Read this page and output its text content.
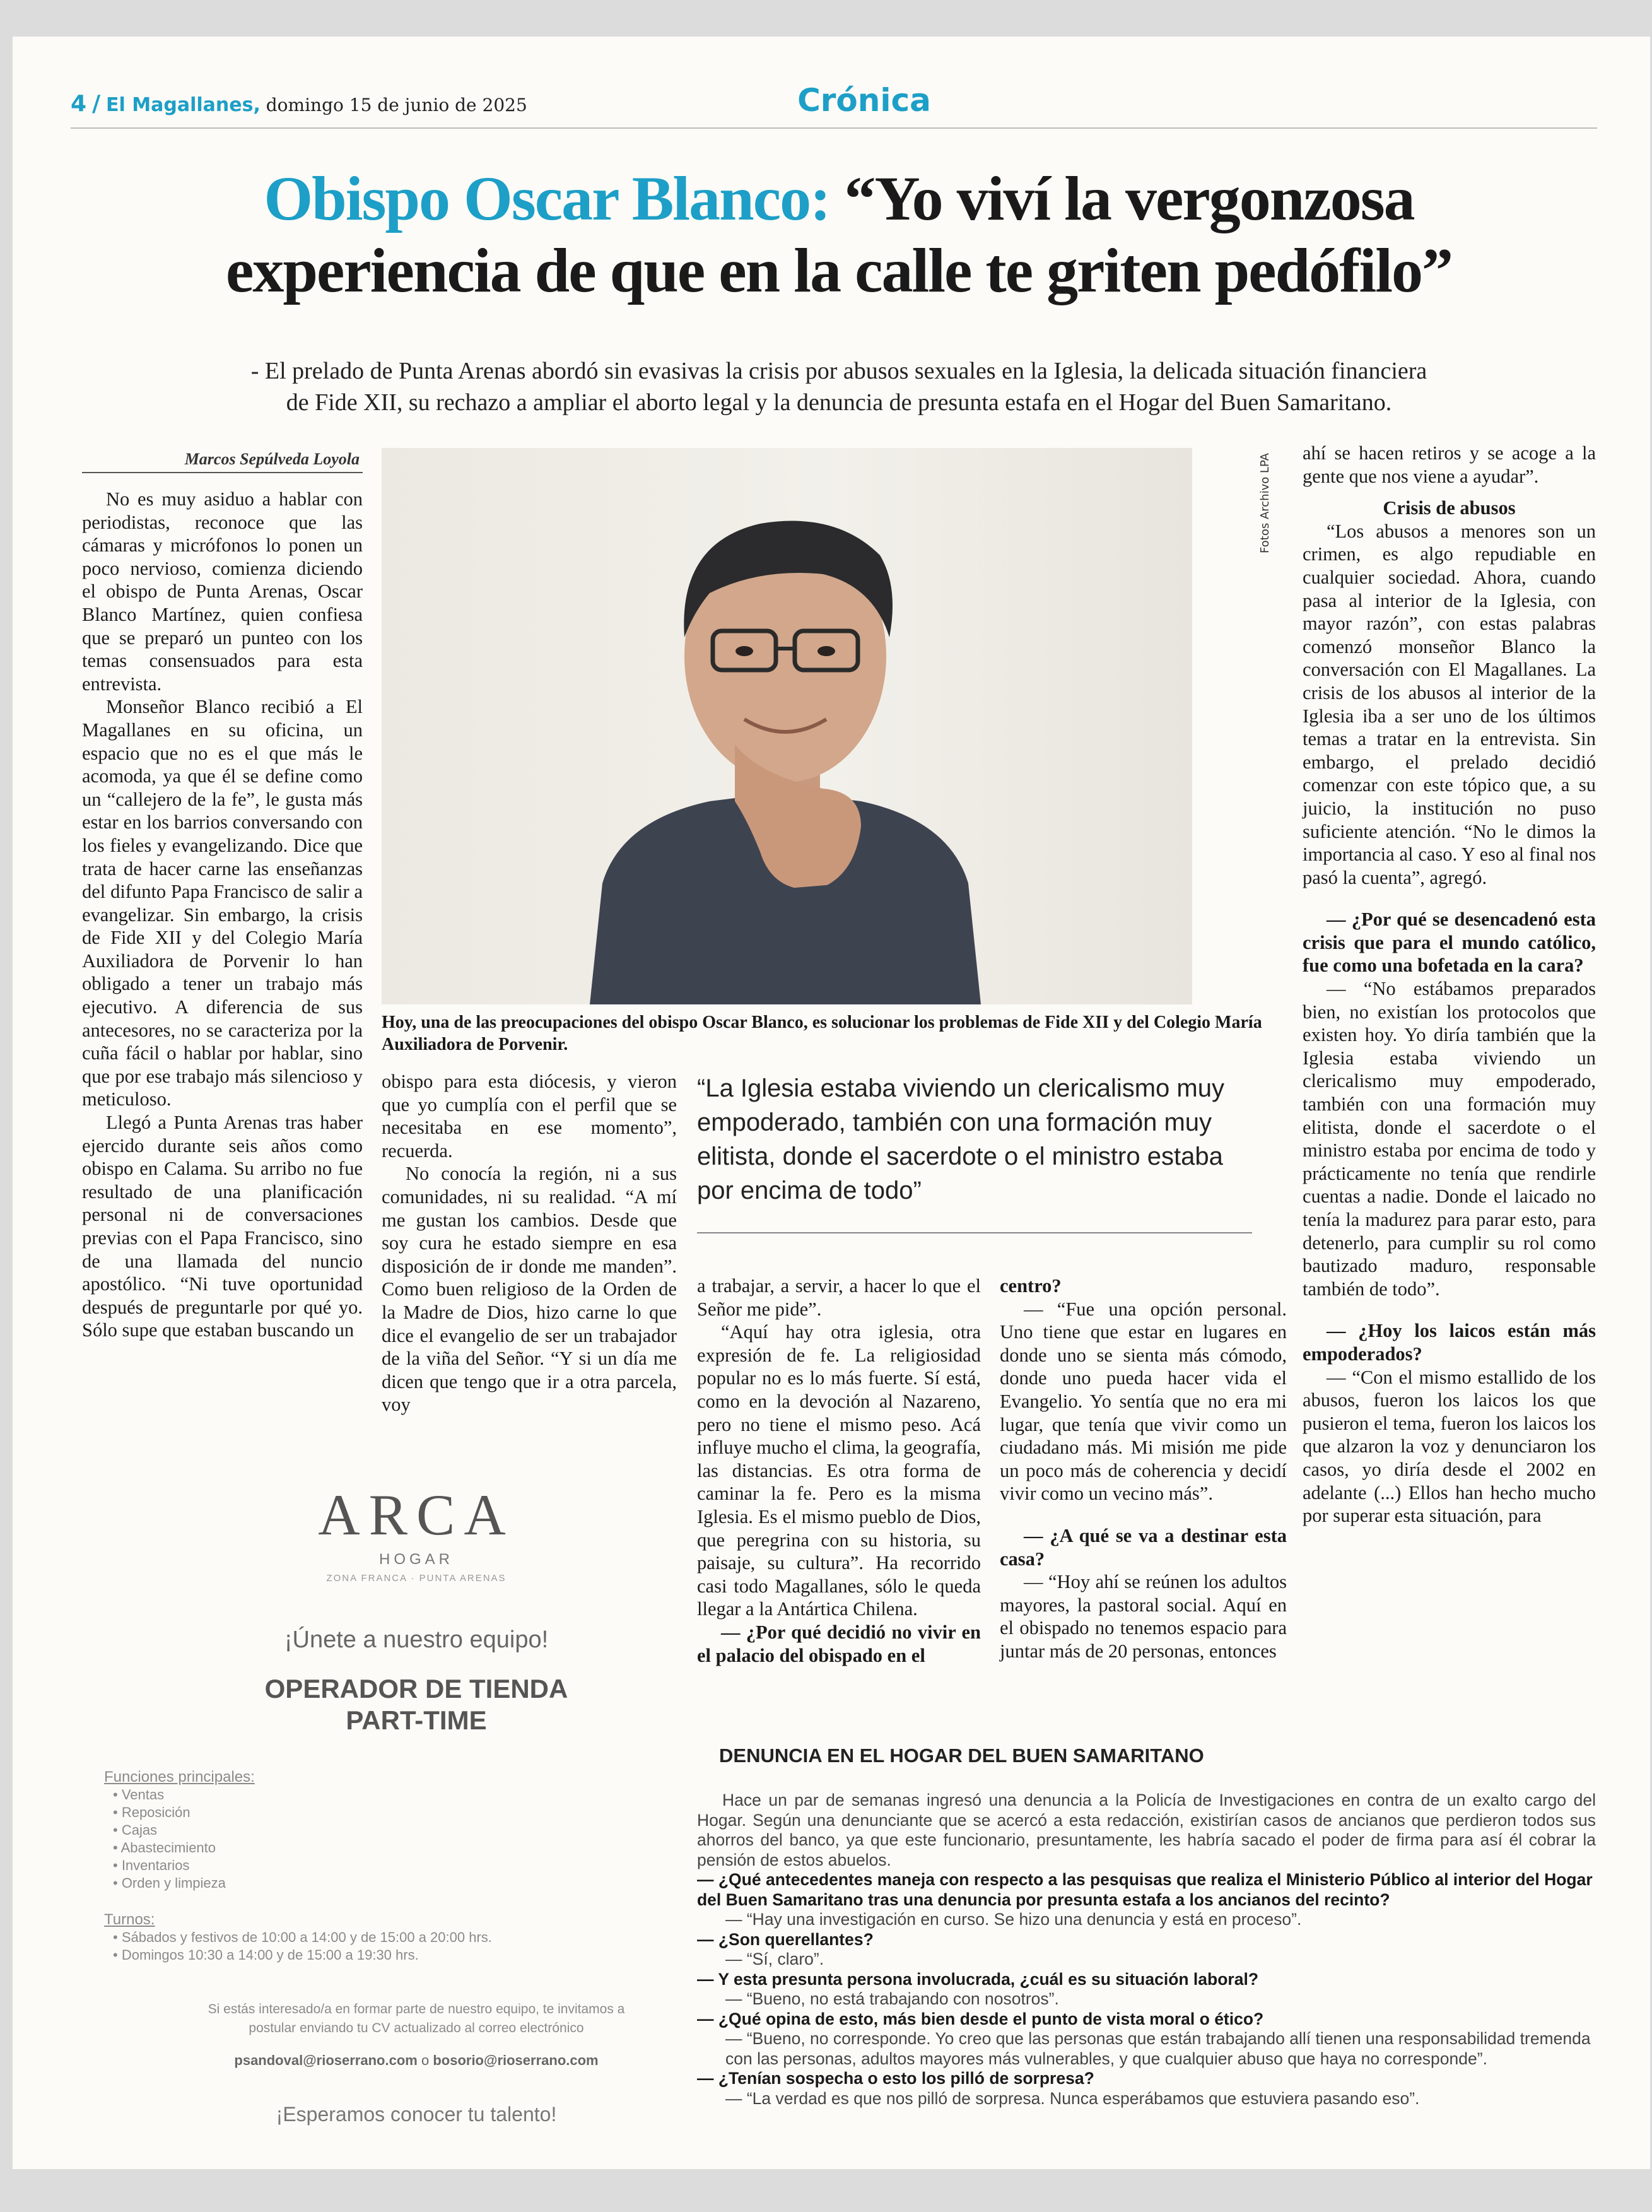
4 / El Magallanes, domingo 15 de junio de 2025	Crónica
Obispo Oscar Blanco: “Yo viví la vergonzosa
experiencia de que en la calle te griten pedófilo”
- El prelado de Punta Arenas abordó sin evasivas la crisis por abusos sexuales en la Iglesia, la delicada situación financiera
de Fide XII, su rechazo a ampliar el aborto legal y la denuncia de presunta estafa en el Hogar del Buen Samaritano.
Marcos Sepúlveda Loyola

No es muy asiduo a hablar con periodistas, reconoce que las cámaras y micrófonos lo ponen un poco nervioso, comienza diciendo el obispo de Punta Arenas, Oscar Blanco Martínez, quien confiesa que se preparó un punteo con los temas consensuados para esta entrevista.

Monseñor Blanco recibió a El Magallanes en su oficina, un espacio que no es el que más le acomoda, ya que él se define como un “callejero de la fe”, le gusta más estar en los barrios conversando con los fieles y evangelizando. Dice que trata de hacer carne las enseñanzas del difunto Papa Francisco de salir a evangelizar. Sin embargo, la crisis de Fide XII y del Colegio María Auxiliadora de Porvenir lo han obligado a tener un trabajo más ejecutivo. A diferencia de sus antecesores, no se caracteriza por la cuña fácil o hablar por hablar, sino que por ese trabajo más silencioso y meticuloso.

Llegó a Punta Arenas tras haber ejercido durante seis años como obispo en Calama. Su arribo no fue resultado de una planificación personal ni de conversaciones previas con el Papa Francisco, sino de una llamada del nuncio apostólico. “Ni tuve oportunidad después de preguntarle por qué yo. Sólo supe que estaban buscando un

Fotos Archivo LPA
Hoy, una de las preocupaciones del obispo Oscar Blanco, es solucionar los problemas de Fide XII y del Colegio María Auxiliadora de Porvenir.

obispo para esta diócesis, y vieron que yo cumplía con el perfil que se necesitaba en ese momento”, recuerda.

No conocía la región, ni a sus comunidades, ni su realidad. “A mí me gustan los cambios. Desde que soy cura he estado siempre en esa disposición de ir donde me manden”. Como buen religioso de la Orden de la Madre de Dios, hizo carne lo que dice el evangelio de ser un trabajador de la viña del Señor. “Y si un día me dicen que tengo que ir a otra parcela, voy

“La Iglesia estaba viviendo un clericalismo muy empoderado, también con una formación muy elitista, donde el sacerdote o el ministro estaba por encima de todo”

a trabajar, a servir, a hacer lo que el Señor me pide”.

“Aquí hay otra iglesia, otra expresión de fe. La religiosidad popular no es lo más fuerte. Sí está, como en la devoción al Nazareno, pero no tiene el mismo peso. Acá influye mucho el clima, la geografía, las distancias. Es otra forma de caminar la fe. Pero es la misma Iglesia. Es el mismo pueblo de Dios, que peregrina con su historia, su paisaje, su cultura”. Ha recorrido casi todo Magallanes, sólo le queda llegar a la Antártica Chilena.

— ¿Por qué decidió no vivir en el palacio del obispado en el

centro?

— “Fue una opción personal. Uno tiene que estar en lugares en donde uno se sienta más cómodo, donde uno pueda hacer vida el Evangelio. Yo sentía que no era mi lugar, que tenía que vivir como un ciudadano más. Mi misión me pide un poco más de coherencia y decidí vivir como un vecino más”.

— ¿A qué se va a destinar esta casa?

— “Hoy ahí se reúnen los adultos mayores, la pastoral social. Aquí en el obispado no tenemos espacio para juntar más de 20 personas, entonces

ahí se hacen retiros y se acoge a la gente que nos viene a ayudar”.

Crisis de abusos

“Los abusos a menores son un crimen, es algo repudiable en cualquier sociedad. Ahora, cuando pasa al interior de la Iglesia, con mayor razón”, con estas palabras comenzó monseñor Blanco la conversación con El Magallanes. La crisis de los abusos al interior de la Iglesia iba a ser uno de los últimos temas a tratar en la entrevista. Sin embargo, el prelado decidió comenzar con este tópico que, a su juicio, la institución no puso suficiente atención. “No le dimos la importancia al caso. Y eso al final nos pasó la cuenta”, agregó.

— ¿Por qué se desencadenó esta crisis que para el mundo católico, fue como una bofetada en la cara?

— “No estábamos preparados bien, no existían los protocolos que existen hoy. Yo diría también que la Iglesia estaba viviendo un clericalismo muy empoderado, también con una formación muy elitista, donde el sacerdote o el ministro estaba por encima de todo y prácticamente no tenía que rendirle cuentas a nadie. Donde el laicado no tenía la madurez para parar esto, para detenerlo, para cumplir su rol como bautizado maduro, responsable también de todo”.

— ¿Hoy los laicos están más empoderados?

— “Con el mismo estallido de los abusos, fueron los laicos los que pusieron el tema, fueron los laicos los que alzaron la voz y denunciaron los casos, yo diría desde el 2002 en adelante (...) Ellos han hecho mucho por superar esta situación, para

ARCA
HOGAR
ZONA FRANCA · PUNTA ARENAS
¡Únete a nuestro equipo!
OPERADOR DE TIENDA
PART-TIME
Funciones principales:
• Ventas
• Reposición
• Cajas
• Abastecimiento
• Inventarios
• Orden y limpieza
Turnos:
• Sábados y festivos de 10:00 a 14:00 y de 15:00 a 20:00 hrs.
• Domingos 10:30 a 14:00 y de 15:00 a 19:30 hrs.
Si estás interesado/a en formar parte de nuestro equipo, te invitamos a
postular enviando tu CV actualizado al correo electrónico
psandoval@rioserrano.com o bosorio@rioserrano.com
¡Esperamos conocer tu talento!
DENUNCIA EN EL HOGAR DEL BUEN SAMARITANO

Hace un par de semanas ingresó una denuncia a la Policía de Investigaciones en contra de un exalto cargo del Hogar. Según una denunciante que se acercó a esta redacción, existirían casos de ancianos que perdieron todos sus ahorros del banco, ya que este funcionario, presuntamente, les habría sacado el poder de firma para así él cobrar la pensión de estos abuelos.

— ¿Qué antecedentes maneja con respecto a las pesquisas que realiza el Ministerio Público al interior del Hogar del Buen Samaritano tras una denuncia por presunta estafa a los ancianos del recinto?

— “Hay una investigación en curso. Se hizo una denuncia y está en proceso”.

— ¿Son querellantes?

— “Sí, claro”.

— Y esta presunta persona involucrada, ¿cuál es su situación laboral?

— “Bueno, no está trabajando con nosotros”.

— ¿Qué opina de esto, más bien desde el punto de vista moral o ético?

— “Bueno, no corresponde. Yo creo que las personas que están trabajando allí tienen una responsabilidad tremenda con las personas, adultos mayores más vulnerables, y que cualquier abuso que haya no corresponde”.

— ¿Tenían sospecha o esto los pilló de sorpresa?

— “La verdad es que nos pilló de sorpresa. Nunca esperábamos que estuviera pasando eso”.
